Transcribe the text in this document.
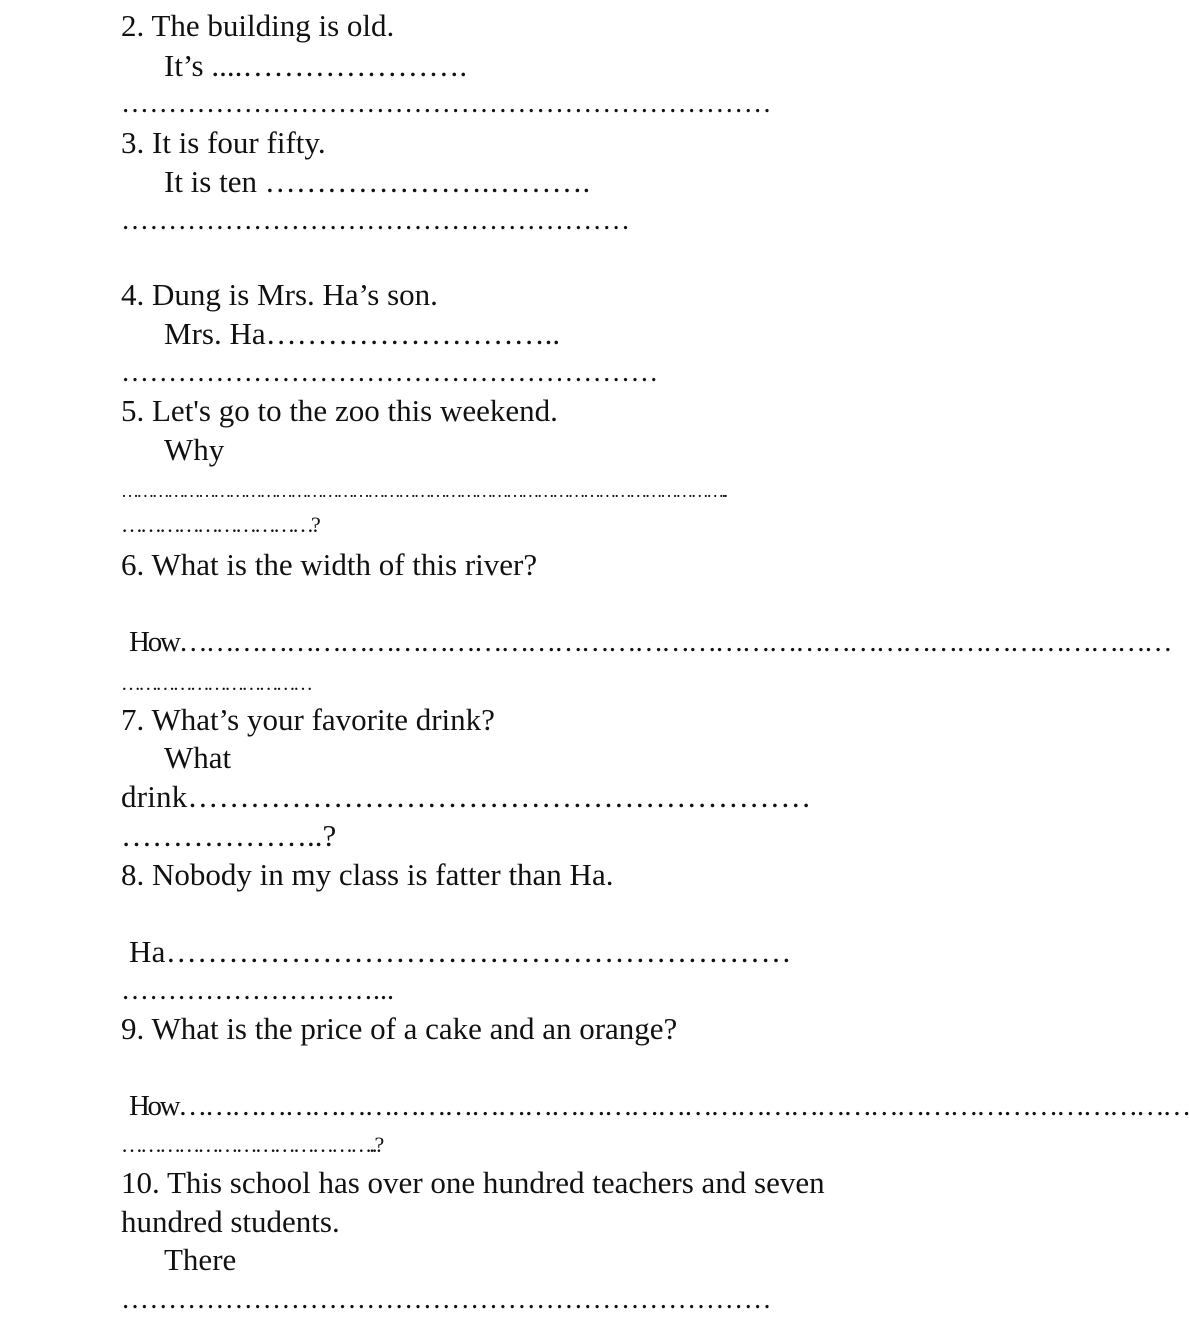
2. The building is old.
It’s ....………………….
……………………………………………………………
3. It is four fifty.
It is ten ………………….……….
………………………………………………
4. Dung is Mrs. Ha’s son.
Mrs. Ha………………………..
…………………………………………………
5. Let's go to the zoo this weekend.
Why
………………………………………………………………………………………………………..
…………………………?
6. What is the width of this river?
How…………………………………………………………………………………………………
……………………………
7. What’s your favorite drink?
What
drink……………………………………………………
………………..?
8. Nobody in my class is fatter than Ha.
Ha……………………………………………………
………………………...
9. What is the price of a cake and an orange?
How……………………………………………………………………………………………………
…………………………………..?
10. This school has over one hundred teachers and seven
hundred students.
There
……………………………………………………………
